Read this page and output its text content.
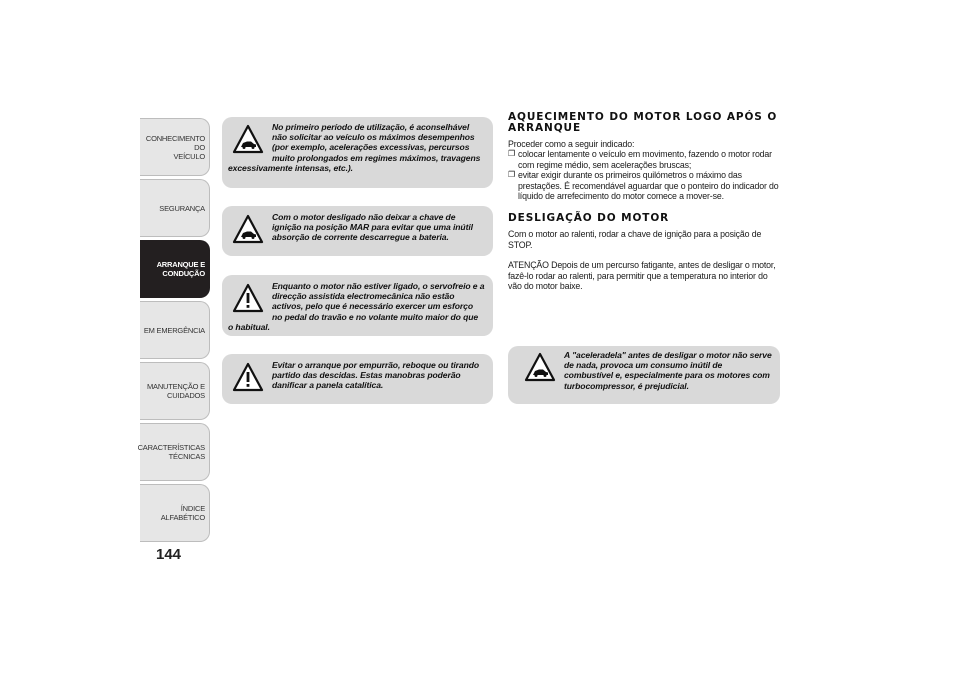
CONHECIMENTO DO
VEÍCULO
SEGURANÇA
ARRANQUE E
CONDUÇÃO
EM EMERGÊNCIA
MANUTENÇÃO E
CUIDADOS
CARACTERÍSTICAS
TÉCNICAS
ÍNDICE ALFABÉTICO
144
No primeiro período de utilização, é aconselhável não solicitar ao veículo os máximos desempenhos (por exemplo, acelerações excessivas, percursos muito prolongados em regimes máximos, travagens excessivamente intensas, etc.).
Com o motor desligado não deixar a chave de ignição na posição MAR para evitar que uma inútil absorção de corrente descarregue a bateria.
Enquanto o motor não estiver ligado, o servofreio e a direcção assistida electromecânica não estão activos, pelo que é necessário exercer um esforço no pedal do travão e no volante muito maior do que o habitual.
Evitar o arranque por empurrão, reboque ou tirando partido das descidas. Estas manobras poderão danificar a panela catalítica.
AQUECIMENTO DO MOTOR LOGO APÓS O ARRANQUE

Proceder como a seguir indicado:

❐ colocar lentamente o veículo em movimento, fazendo o motor rodar com regime médio, sem acelerações bruscas;
❐ evitar exigir durante os primeiros quilómetros o máximo das prestações. É recomendável aguardar que o ponteiro do indicador do líquido de arrefecimento do motor comece a mover-se.
DESLIGAÇÃO DO MOTOR

Com o motor ao ralenti, rodar a chave de ignição para a posição de STOP.

ATENÇÃO Depois de um percurso fatigante, antes de desligar o motor, fazê-lo rodar ao ralenti, para permitir que a temperatura no interior do vão do motor baixe.

A "aceleradela" antes de desligar o motor não serve de nada, provoca um consumo inútil de combustível e, especialmente para os motores com turbocompressor, é prejudicial.
